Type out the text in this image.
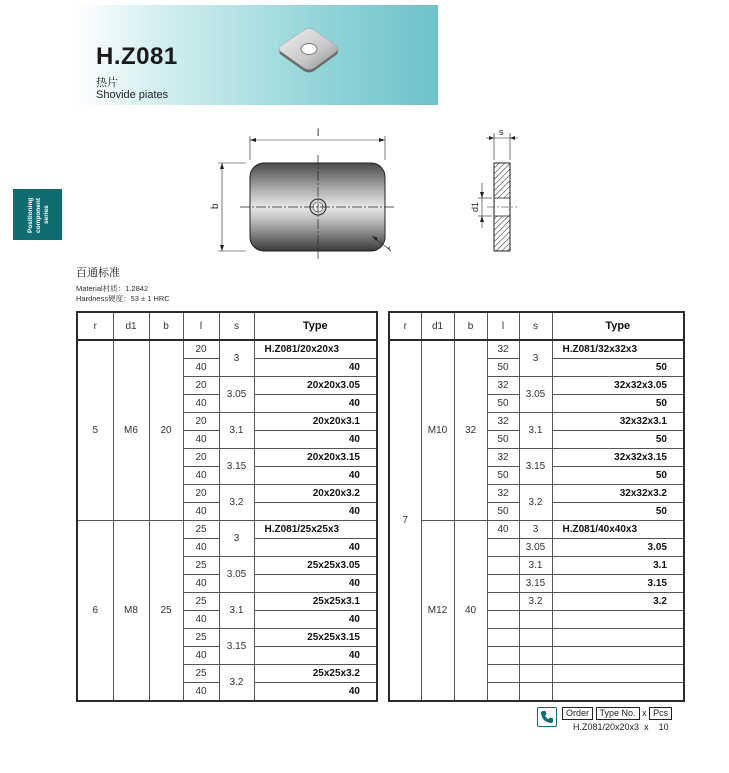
H.Z081
热片
Shovide piates
Positioning
component series
l
b
r
s
d1
百通标准
Material材质：1.2842
Hardness硬度：53 ± 1 HRC
r	d1	b	l	s	Type
5	M6	20	20	3	H.Z081/20x20x3
			40		40
			20	3.05	20x20x3.05
			40		40
			20	3.1	20x20x3.1
			40		40
			20	3.15	20x20x3.15
			40		40
			20	3.2	20x20x3.2
			40		40
6	M8	25	25	3	H.Z081/25x25x3
			40		40
			25	3.05	25x25x3.05
			40		40
			25	3.1	25x25x3.1
			40		40
			25	3.15	25x25x3.15
			40		40
			25	3.2	25x25x3.2
			40		40
r	d1	b	l	s	Type
7	M10	32	32	3	H.Z081/32x32x3
			50		50
			32	3.05	32x32x3.05
			50		50
			32	3.1	32x32x3.1
			50		50
			32	3.15	32x32x3.15
			50		50
			32	3.2	32x32x3.2
			50		50
	M12	40	40	3	H.Z081/40x40x3
				3.05	3.05
				3.1	3.1
				3.15	3.15
				3.2	3.2

Order Type No. x Pcs
H.Z081/20x20x3 x 10
